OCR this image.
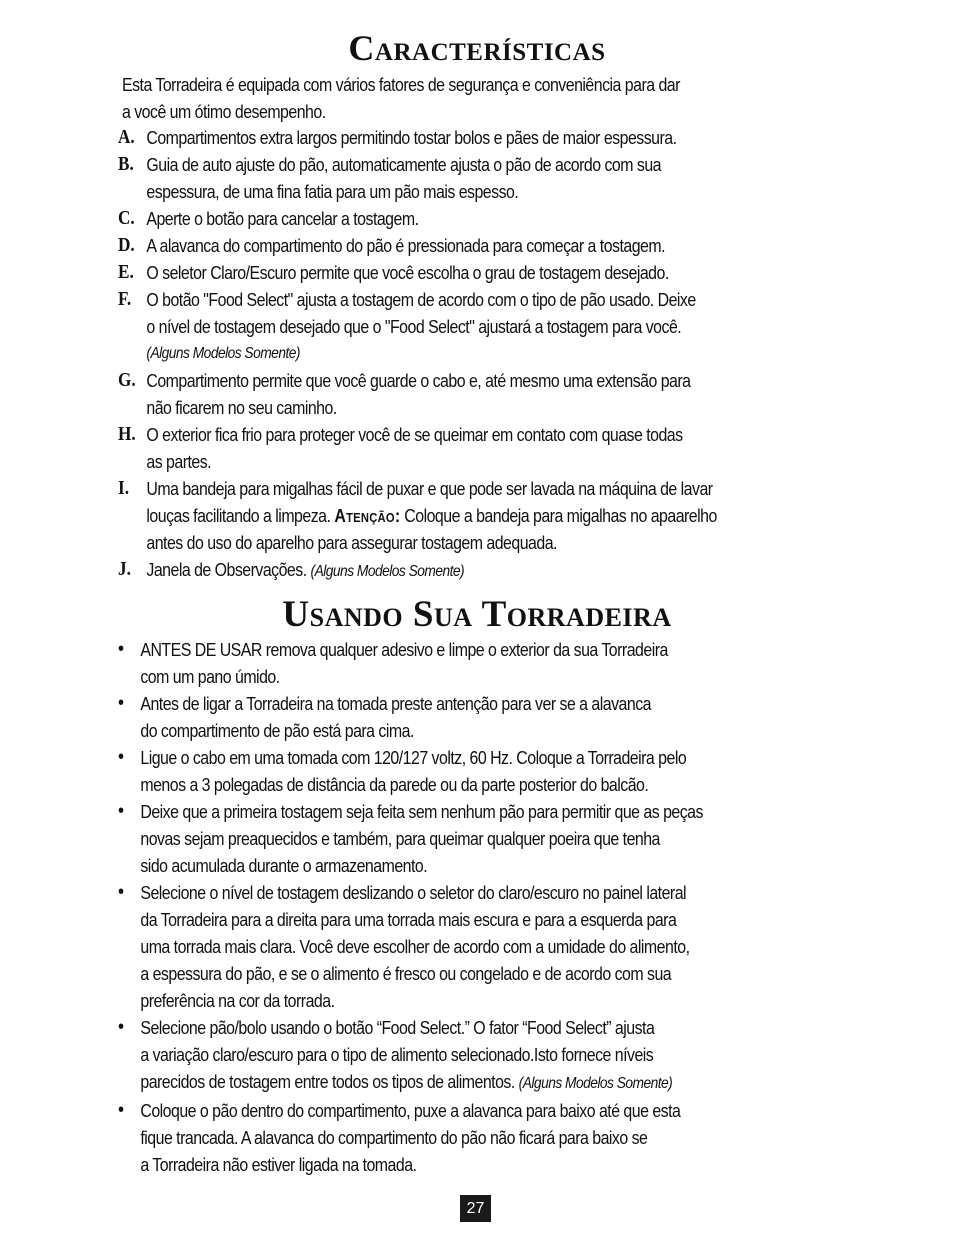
Características
Esta Torradeira é equipada com vários fatores de segurança e conveniência para dar
a você um ótimo desempenho.
A. Compartimentos extra largos permitindo tostar bolos e pães de maior espessura.
B. Guia de auto ajuste do pão, automaticamente ajusta o pão de acordo com sua
espessura, de uma fina fatia para um pão mais espesso.
C. Aperte o botão para cancelar a tostagem.
D. A alavanca do compartimento do pão é pressionada para começar a tostagem.
E. O seletor Claro/Escuro permite que você escolha o grau de tostagem desejado.
F. O botão "Food Select" ajusta a tostagem de acordo com o tipo de pão usado. Deixe
o nível de tostagem desejado que o "Food Select" ajustará a tostagem para você.
(Alguns Modelos Somente)
G. Compartimento permite que você guarde o cabo e, até mesmo uma extensão para
não ficarem no seu caminho.
H. O exterior fica frio para proteger você de se queimar em contato com quase todas
as partes.
I. Uma bandeja para migalhas fácil de puxar e que pode ser lavada na máquina de lavar
louças facilitando a limpeza. Atenção: Coloque a bandeja para migalhas no apaarelho
antes do uso do aparelho para assegurar tostagem adequada.
J. Janela de Observações. (Alguns Modelos Somente)
Usando Sua Torradeira
• ANTES DE USAR remova qualquer adesivo e limpe o exterior da sua Torradeira
com um pano úmido.
• Antes de ligar a Torradeira na tomada preste antenção para ver se a alavanca
do compartimento de pão está para cima.
• Ligue o cabo em uma tomada com 120/127 voltz, 60 Hz. Coloque a Torradeira pelo
menos a 3 polegadas de distância da parede ou da parte posterior do balcão.
• Deixe que a primeira tostagem seja feita sem nenhum pão para permitir que as peças
novas sejam preaquecidos e também, para queimar qualquer poeira que tenha
sido acumulada durante o armazenamento.
• Selecione o nível de tostagem deslizando o seletor do claro/escuro no painel lateral
da Torradeira para a direita para uma torrada mais escura e para a esquerda para
uma torrada mais clara. Você deve escolher de acordo com a umidade do alimento,
a espessura do pão, e se o alimento é fresco ou congelado e de acordo com sua
preferência na cor da torrada.
• Selecione pão/bolo usando o botão “Food Select.” O fator “Food Select” ajusta
a variação claro/escuro para o tipo de alimento selecionado.Isto fornece níveis
parecidos de tostagem entre todos os tipos de alimentos. (Alguns Modelos Somente)
• Coloque o pão dentro do compartimento, puxe a alavanca para baixo até que esta
fique trancada. A alavanca do compartimento do pão não ficará para baixo se
a Torradeira não estiver ligada na tomada.
27
